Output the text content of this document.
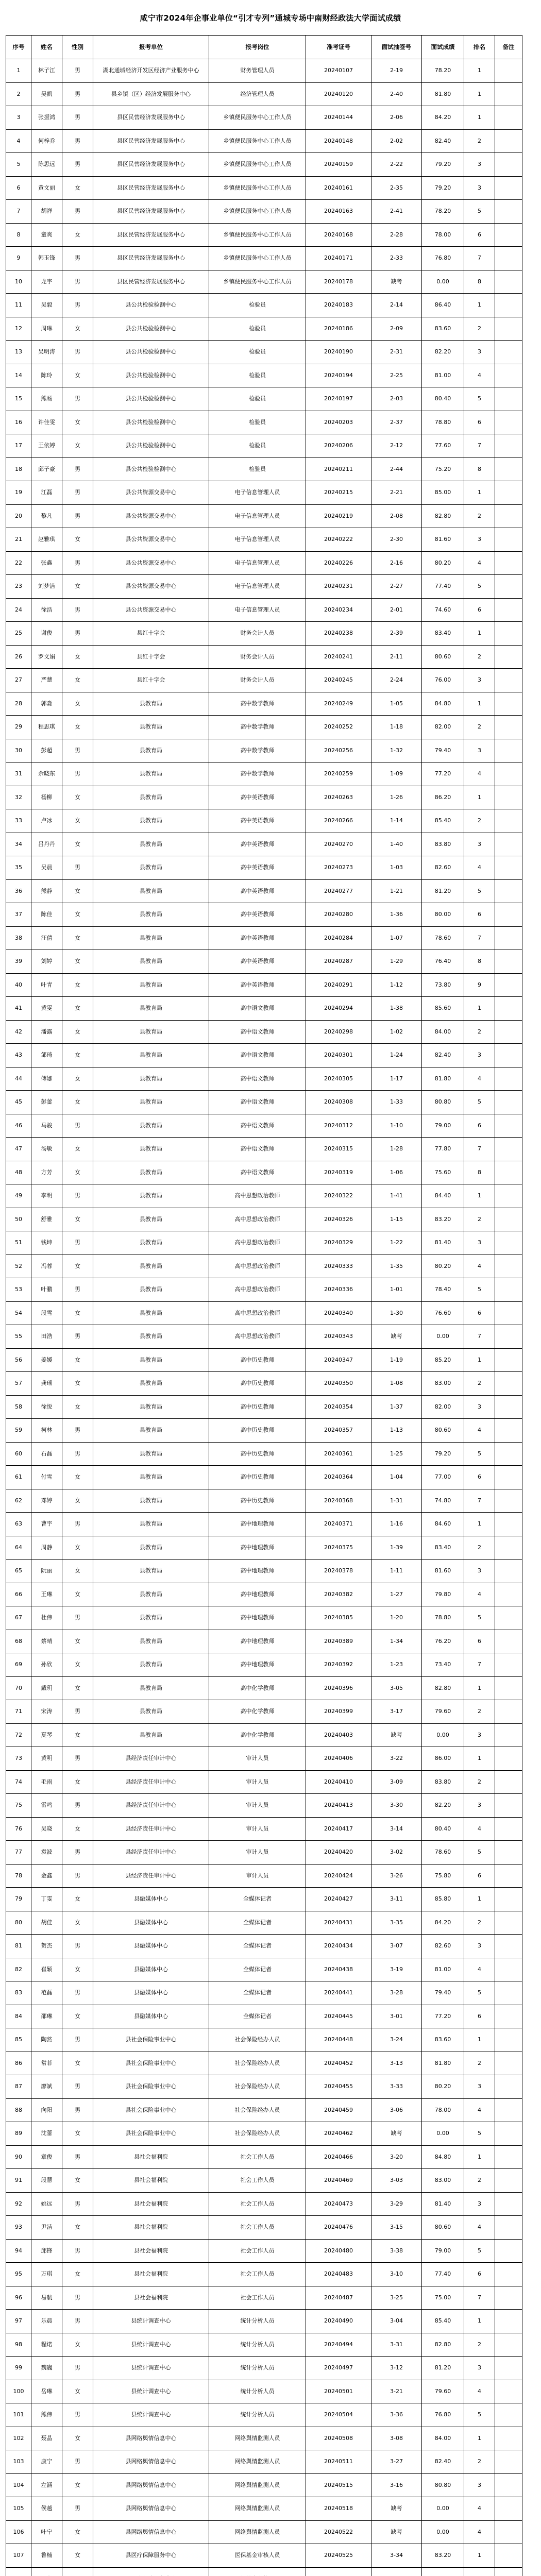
咸宁市2024年企事业单位“引才专列”通城专场中南财经政法大学面试成绩
序号	姓名	性别	报考单位	报考岗位	准考证号	面试抽签号	面试成绩	排名	备注
1	林子江	男	湖北通城经济开发区经济产业服务中心	财务管理人员	20240107	2-19	78.20	1
2	吴凯	男	县乡镇（区）经济发展服务中心	经济管理人员	20240120	2-40	81.80	1
3	张振鸿	男	县区民营经济发展服务中心	乡镇便民服务中心工作人员	20240144	2-06	84.20	1
4	何梓乔	男	县区民营经济发展服务中心	乡镇便民服务中心工作人员	20240148	2-02	82.40	2
5	陈思远	男	县区民营经济发展服务中心	乡镇便民服务中心工作人员	20240159	2-22	79.20	3
6	黄文丽	女	县区民营经济发展服务中心	乡镇便民服务中心工作人员	20240161	2-35	79.20	3
7	胡祥	男	县区民营经济发展服务中心	乡镇便民服务中心工作人员	20240163	2-41	78.20	5
8	童爽	女	县区民营经济发展服务中心	乡镇便民服务中心工作人员	20240168	2-28	78.00	6
9	韩玉锋	男	县区民营经济发展服务中心	乡镇便民服务中心工作人员	20240171	2-33	76.80	7
10	龙宇	男	县区民营经济发展服务中心	乡镇便民服务中心工作人员	20240178	缺考	0.00	8
11	吴毅	男	县公共检验检测中心	检验员	20240183	2-14	86.40	1
12	周琳	女	县公共检验检测中心	检验员	20240186	2-09	83.60	2
13	吴明涛	男	县公共检验检测中心	检验员	20240190	2-31	82.20	3
14	陈玲	女	县公共检验检测中心	检验员	20240194	2-25	81.00	4
15	熊畅	男	县公共检验检测中心	检验员	20240197	2-03	80.40	5
16	许佳雯	女	县公共检验检测中心	检验员	20240203	2-37	78.80	6
17	王依婷	女	县公共检验检测中心	检验员	20240206	2-12	77.60	7
18	邱子豪	男	县公共检验检测中心	检验员	20240211	2-44	75.20	8
19	江磊	男	县公共资源交易中心	电子信息管理人员	20240215	2-21	85.00	1
20	黎凡	男	县公共资源交易中心	电子信息管理人员	20240219	2-08	82.80	2
21	赵雅琪	女	县公共资源交易中心	电子信息管理人员	20240222	2-30	81.60	3
22	张鑫	男	县公共资源交易中心	电子信息管理人员	20240226	2-16	80.20	4
23	刘梦洁	女	县公共资源交易中心	电子信息管理人员	20240231	2-27	77.40	5
24	徐浩	男	县公共资源交易中心	电子信息管理人员	20240234	2-01	74.60	6
25	谢俊	男	县红十字会	财务会计人员	20240238	2-39	83.40	1
26	罗文娟	女	县红十字会	财务会计人员	20240241	2-11	80.60	2
27	严慧	女	县红十字会	财务会计人员	20240245	2-24	76.00	3
28	郭淼	女	县教育局	高中数学教师	20240249	1-05	84.80	1
29	程思琪	女	县教育局	高中数学教师	20240252	1-18	82.00	2
30	彭超	男	县教育局	高中数学教师	20240256	1-32	79.40	3
31	余晓东	男	县教育局	高中数学教师	20240259	1-09	77.20	4
32	杨柳	女	县教育局	高中英语教师	20240263	1-26	86.20	1
33	卢冰	女	县教育局	高中英语教师	20240266	1-14	85.40	2
34	吕丹丹	女	县教育局	高中英语教师	20240270	1-40	83.80	3
35	吴晨	男	县教育局	高中英语教师	20240273	1-03	82.60	4
36	熊静	女	县教育局	高中英语教师	20240277	1-21	81.20	5
37	陈佳	女	县教育局	高中英语教师	20240280	1-36	80.00	6
38	汪倩	女	县教育局	高中英语教师	20240284	1-07	78.60	7
39	刘婷	女	县教育局	高中英语教师	20240287	1-29	76.40	8
40	叶青	女	县教育局	高中英语教师	20240291	1-12	73.80	9
41	黄雯	女	县教育局	高中语文教师	20240294	1-38	85.60	1
42	潘露	女	县教育局	高中语文教师	20240298	1-02	84.00	2
43	邹琦	女	县教育局	高中语文教师	20240301	1-24	82.40	3
44	傅娜	女	县教育局	高中语文教师	20240305	1-17	81.80	4
45	彭蕾	女	县教育局	高中语文教师	20240308	1-33	80.80	5
46	马骏	男	县教育局	高中语文教师	20240312	1-10	79.00	6
47	汤敏	女	县教育局	高中语文教师	20240315	1-28	77.80	7
48	方芳	女	县教育局	高中语文教师	20240319	1-06	75.60	8
49	李明	男	县教育局	高中思想政治教师	20240322	1-41	84.40	1
50	舒雅	女	县教育局	高中思想政治教师	20240326	1-15	83.20	2
51	钱坤	男	县教育局	高中思想政治教师	20240329	1-22	81.40	3
52	冯蓉	女	县教育局	高中思想政治教师	20240333	1-35	80.20	4
53	叶鹏	男	县教育局	高中思想政治教师	20240336	1-01	78.40	5
54	段雪	女	县教育局	高中思想政治教师	20240340	1-30	76.60	6
55	田浩	男	县教育局	高中思想政治教师	20240343	缺考	0.00	7
56	姜媛	女	县教育局	高中历史教师	20240347	1-19	85.20	1
57	龚瑶	女	县教育局	高中历史教师	20240350	1-08	83.00	2
58	徐悦	女	县教育局	高中历史教师	20240354	1-37	82.00	3
59	柯林	男	县教育局	高中历史教师	20240357	1-13	80.60	4
60	石磊	男	县教育局	高中历史教师	20240361	1-25	79.20	5
61	付雪	女	县教育局	高中历史教师	20240364	1-04	77.00	6
62	邓婷	女	县教育局	高中历史教师	20240368	1-31	74.80	7
63	曹宇	男	县教育局	高中地理教师	20240371	1-16	84.60	1
64	周静	女	县教育局	高中地理教师	20240375	1-39	83.40	2
65	阮丽	女	县教育局	高中地理教师	20240378	1-11	81.60	3
66	王琳	女	县教育局	高中地理教师	20240382	1-27	79.80	4
67	杜伟	男	县教育局	高中地理教师	20240385	1-20	78.80	5
68	蔡晴	女	县教育局	高中地理教师	20240389	1-34	76.20	6
69	孙欣	女	县教育局	高中地理教师	20240392	1-23	73.40	7
70	戴玥	女	县教育局	高中化学教师	20240396	3-05	82.80	1
71	宋涛	男	县教育局	高中化学教师	20240399	3-17	79.60	2
72	夏琴	女	县教育局	高中化学教师	20240403	缺考	0.00	3
73	黄明	男	县经济责任审计中心	审计人员	20240406	3-22	86.00	1
74	毛雨	女	县经济责任审计中心	审计人员	20240410	3-09	83.80	2
75	雷鸣	男	县经济责任审计中心	审计人员	20240413	3-30	82.20	3
76	吴晓	女	县经济责任审计中心	审计人员	20240417	3-14	80.40	4
77	袁波	男	县经济责任审计中心	审计人员	20240420	3-02	78.60	5
78	金鑫	男	县经济责任审计中心	审计人员	20240424	3-26	75.80	6
79	丁雯	女	县融媒体中心	全媒体记者	20240427	3-11	85.80	1
80	胡佳	女	县融媒体中心	全媒体记者	20240431	3-35	84.20	2
81	贺杰	男	县融媒体中心	全媒体记者	20240434	3-07	82.60	3
82	崔颖	女	县融媒体中心	全媒体记者	20240438	3-19	81.00	4
83	范磊	男	县融媒体中心	全媒体记者	20240441	3-28	79.40	5
84	邵琳	女	县融媒体中心	全媒体记者	20240445	3-01	77.20	6
85	陶然	男	县社会保险事业中心	社会保险经办人员	20240448	3-24	83.60	1
86	常菲	女	县社会保险事业中心	社会保险经办人员	20240452	3-13	81.80	2
87	廖斌	男	县社会保险事业中心	社会保险经办人员	20240455	3-33	80.20	3
88	向阳	男	县社会保险事业中心	社会保险经办人员	20240459	3-06	78.00	4
89	沈蕾	女	县社会保险事业中心	社会保险经办人员	20240462	缺考	0.00	5
90	章俊	男	县社会福利院	社会工作人员	20240466	3-20	84.80	1
91	段慧	女	县社会福利院	社会工作人员	20240469	3-03	83.00	2
92	姚远	男	县社会福利院	社会工作人员	20240473	3-29	81.40	3
93	尹洁	女	县社会福利院	社会工作人员	20240476	3-15	80.60	4
94	邱锋	男	县社会福利院	社会工作人员	20240480	3-38	79.00	5
95	万琪	女	县社会福利院	社会工作人员	20240483	3-10	77.40	6
96	易航	男	县社会福利院	社会工作人员	20240487	3-25	75.00	7
97	乐晨	男	县统计调查中心	统计分析人员	20240490	3-04	85.40	1
98	程诺	女	县统计调查中心	统计分析人员	20240494	3-31	82.80	2
99	魏巍	男	县统计调查中心	统计分析人员	20240497	3-12	81.20	3
100	岳琳	女	县统计调查中心	统计分析人员	20240501	3-21	79.60	4
101	熊伟	男	县统计调查中心	统计分析人员	20240504	3-36	76.80	5
102	聂晶	女	县网络舆情信息中心	网络舆情监测人员	20240508	3-08	84.00	1
103	康宁	男	县网络舆情信息中心	网络舆情监测人员	20240511	3-27	82.40	2
104	左涵	女	县网络舆情信息中心	网络舆情监测人员	20240515	3-16	80.80	3
105	侯越	男	县网络舆情信息中心	网络舆情监测人员	20240518	缺考	0.00	4
106	叶宁	女	县网络舆情信息中心	网络舆情监测人员	20240522	缺考	0.00	4
107	鲁楠	女	县医疗保障服务中心	医保基金审核人员	20240525	3-34	83.20	1
